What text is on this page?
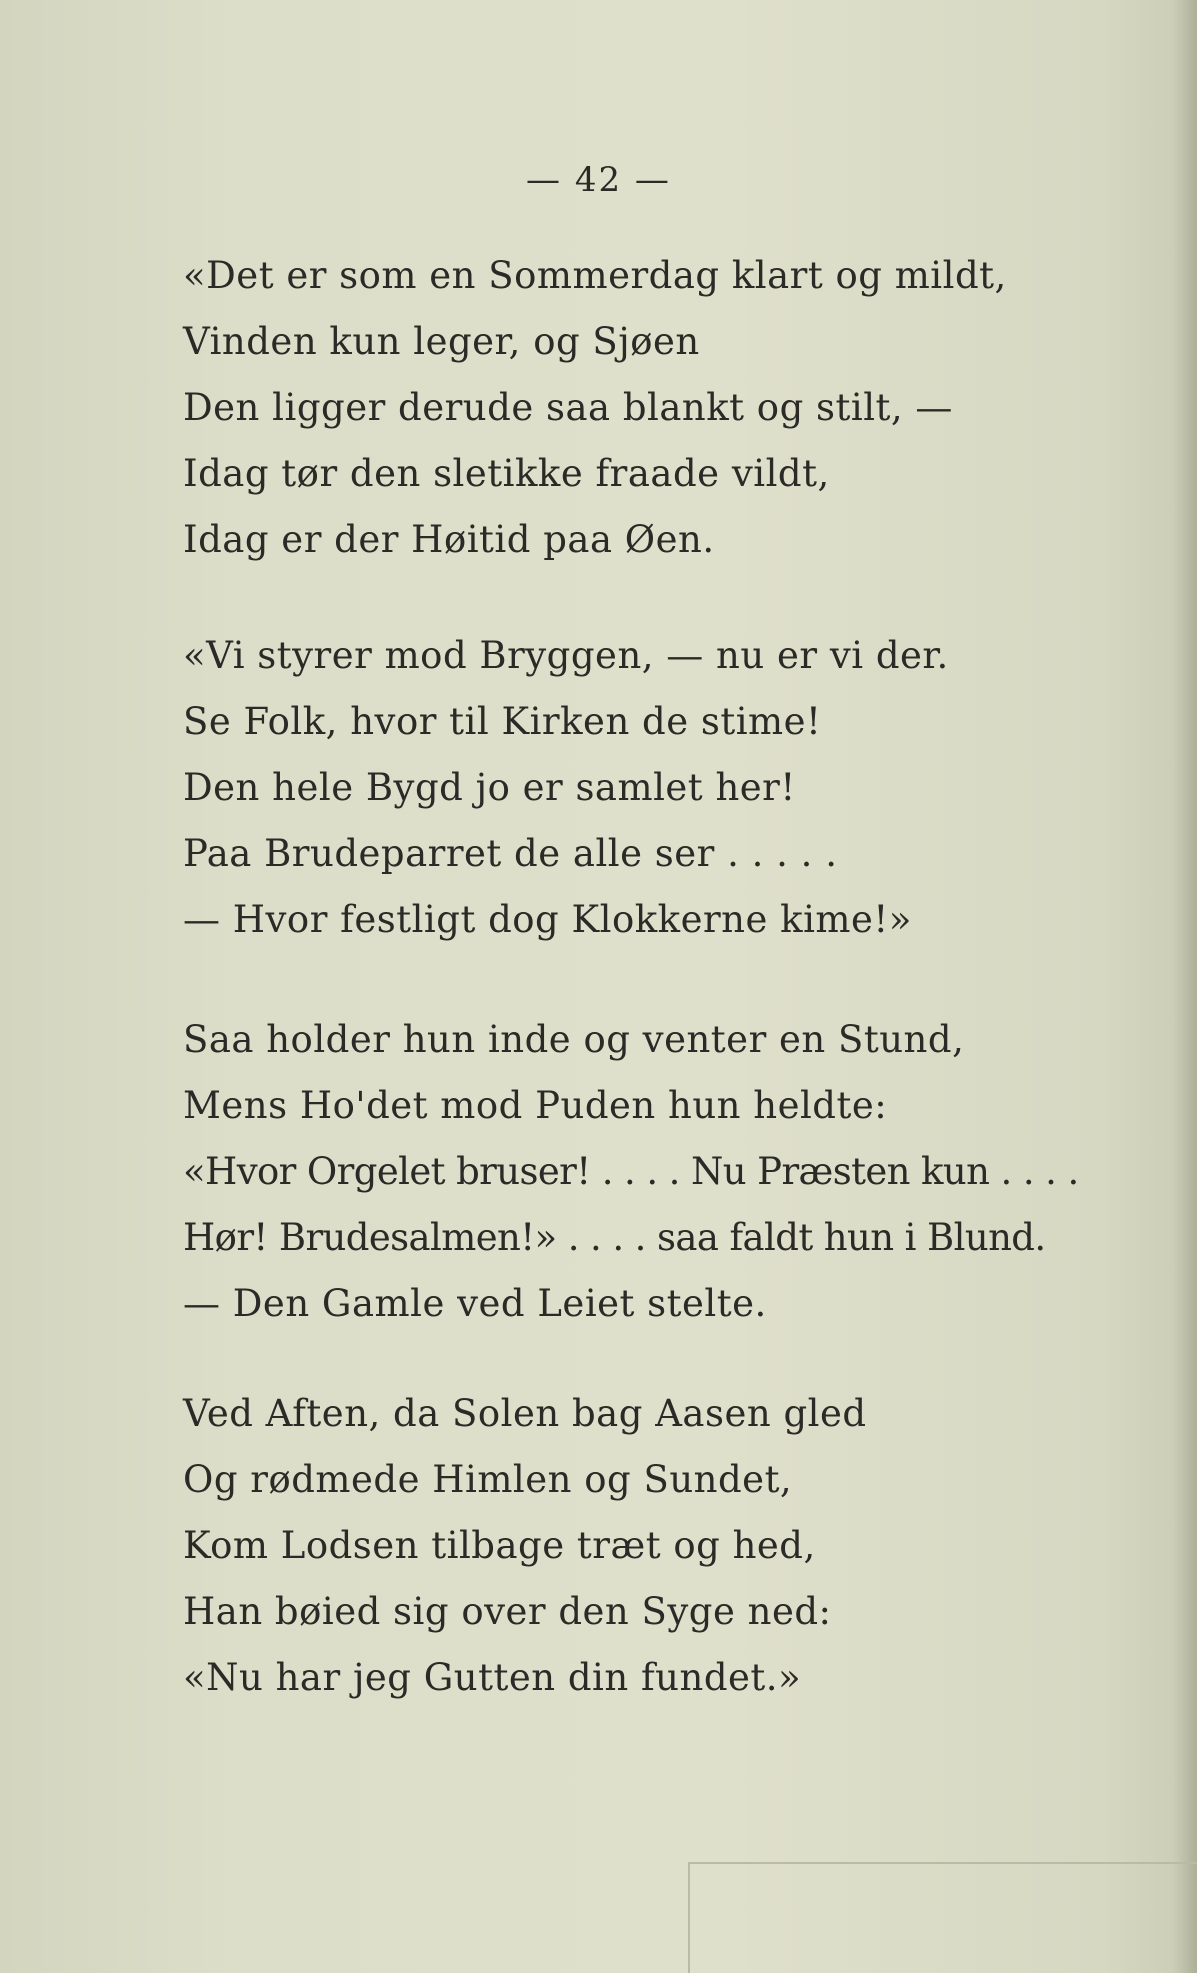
— 42 —
«Det er som en Sommerdag klart og mildt,
Vinden kun leger, og Sjøen
Den ligger derude saa blankt og stilt, —
Idag tør den sletikke fraade vildt,
Idag er der Høitid paa Øen.
«Vi styrer mod Bryggen, — nu er vi der.
Se Folk, hvor til Kirken de stime!
Den hele Bygd jo er samlet her!
Paa Brudeparret de alle ser . . . . .
— Hvor festligt dog Klokkerne kime!»
Saa holder hun inde og venter en Stund,
Mens Ho'det mod Puden hun heldte:
«Hvor Orgelet bruser! . . . . Nu Præsten kun . . . .
Hør! Brudesalmen!» . . . . saa faldt hun i Blund.
— Den Gamle ved Leiet stelte.
Ved Aften, da Solen bag Aasen gled
Og rødmede Himlen og Sundet,
Kom Lodsen tilbage træt og hed,
Han bøied sig over den Syge ned:
«Nu har jeg Gutten din fundet.»
